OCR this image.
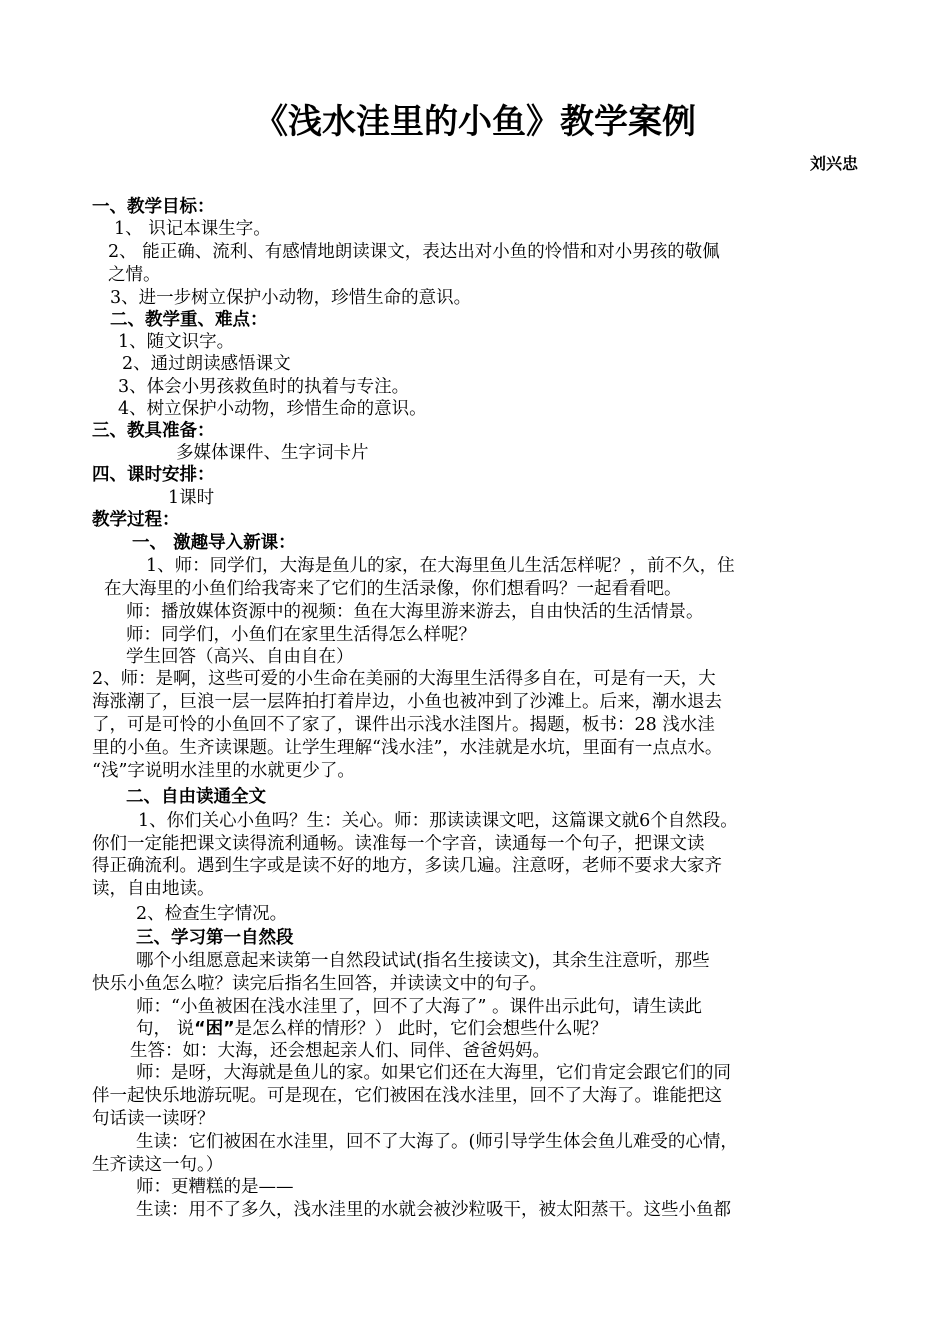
《浅水洼里的小鱼》教学案例
刘兴忠
一、教学目标：
1、 识记本课生字。
2、 能正确、流利、有感情地朗读课文，表达出对小鱼的怜惜和对小男孩的敬佩
之情。
3、进一步树立保护小动物，珍惜生命的意识。
二、教学重、难点：
1、随文识字。
2、通过朗读感悟课文
3、体会小男孩救鱼时的执着与专注。
4、树立保护小动物，珍惜生命的意识。
三、教具准备：
多媒体课件、生字词卡片
四、课时安排：
1课时
教学过程：
一、 激趣导入新课：
1、师：同学们，大海是鱼儿的家，在大海里鱼儿生活怎样呢？，前不久，住
在大海里的小鱼们给我寄来了它们的生活录像，你们想看吗？一起看看吧。
师：播放媒体资源中的视频：鱼在大海里游来游去，自由快活的生活情景。
师：同学们，小鱼们在家里生活得怎么样呢？
学生回答（高兴、自由自在）
2、师：是啊，这些可爱的小生命在美丽的大海里生活得多自在，可是有一天，大
海涨潮了，巨浪一层一层阵拍打着岸边，小鱼也被冲到了沙滩上。后来，潮水退去
了，可是可怜的小鱼回不了家了，课件出示浅水洼图片。揭题，板书：28 浅水洼
里的小鱼。生齐读课题。让学生理解“浅水洼”，水洼就是水坑，里面有一点点水。
“浅”字说明水洼里的水就更少了。
二、自由读通全文
1、你们关心小鱼吗？生：关心。师：那读读课文吧，这篇课文就6个自然段。
你们一定能把课文读得流利通畅。读准每一个字音，读通每一个句子，把课文读
得正确流利。遇到生字或是读不好的地方，多读几遍。注意呀，老师不要求大家齐
读，自由地读。
2、检查生字情况。
三、学习第一自然段
哪个小组愿意起来读第一自然段试试(指名生接读文)，其余生注意听，那些
快乐小鱼怎么啦？读完后指名生回答，并读读文中的句子。
师：“小鱼被困在浅水洼里了，回不了大海了” 。课件出示此句，请生读此
句， 说“困”是怎么样的情形？） 此时，它们会想些什么呢？
生答：如：大海，还会想起亲人们、同伴、爸爸妈妈。
师：是呀，大海就是鱼儿的家。如果它们还在大海里，它们肯定会跟它们的同
伴一起快乐地游玩呢。可是现在，它们被困在浅水洼里，回不了大海了。谁能把这
句话读一读呀？
生读：它们被困在水洼里，回不了大海了。(师引导学生体会鱼儿难受的心情，
生齐读这一句。）
师：更糟糕的是——
生读：用不了多久，浅水洼里的水就会被沙粒吸干，被太阳蒸干。这些小鱼都
